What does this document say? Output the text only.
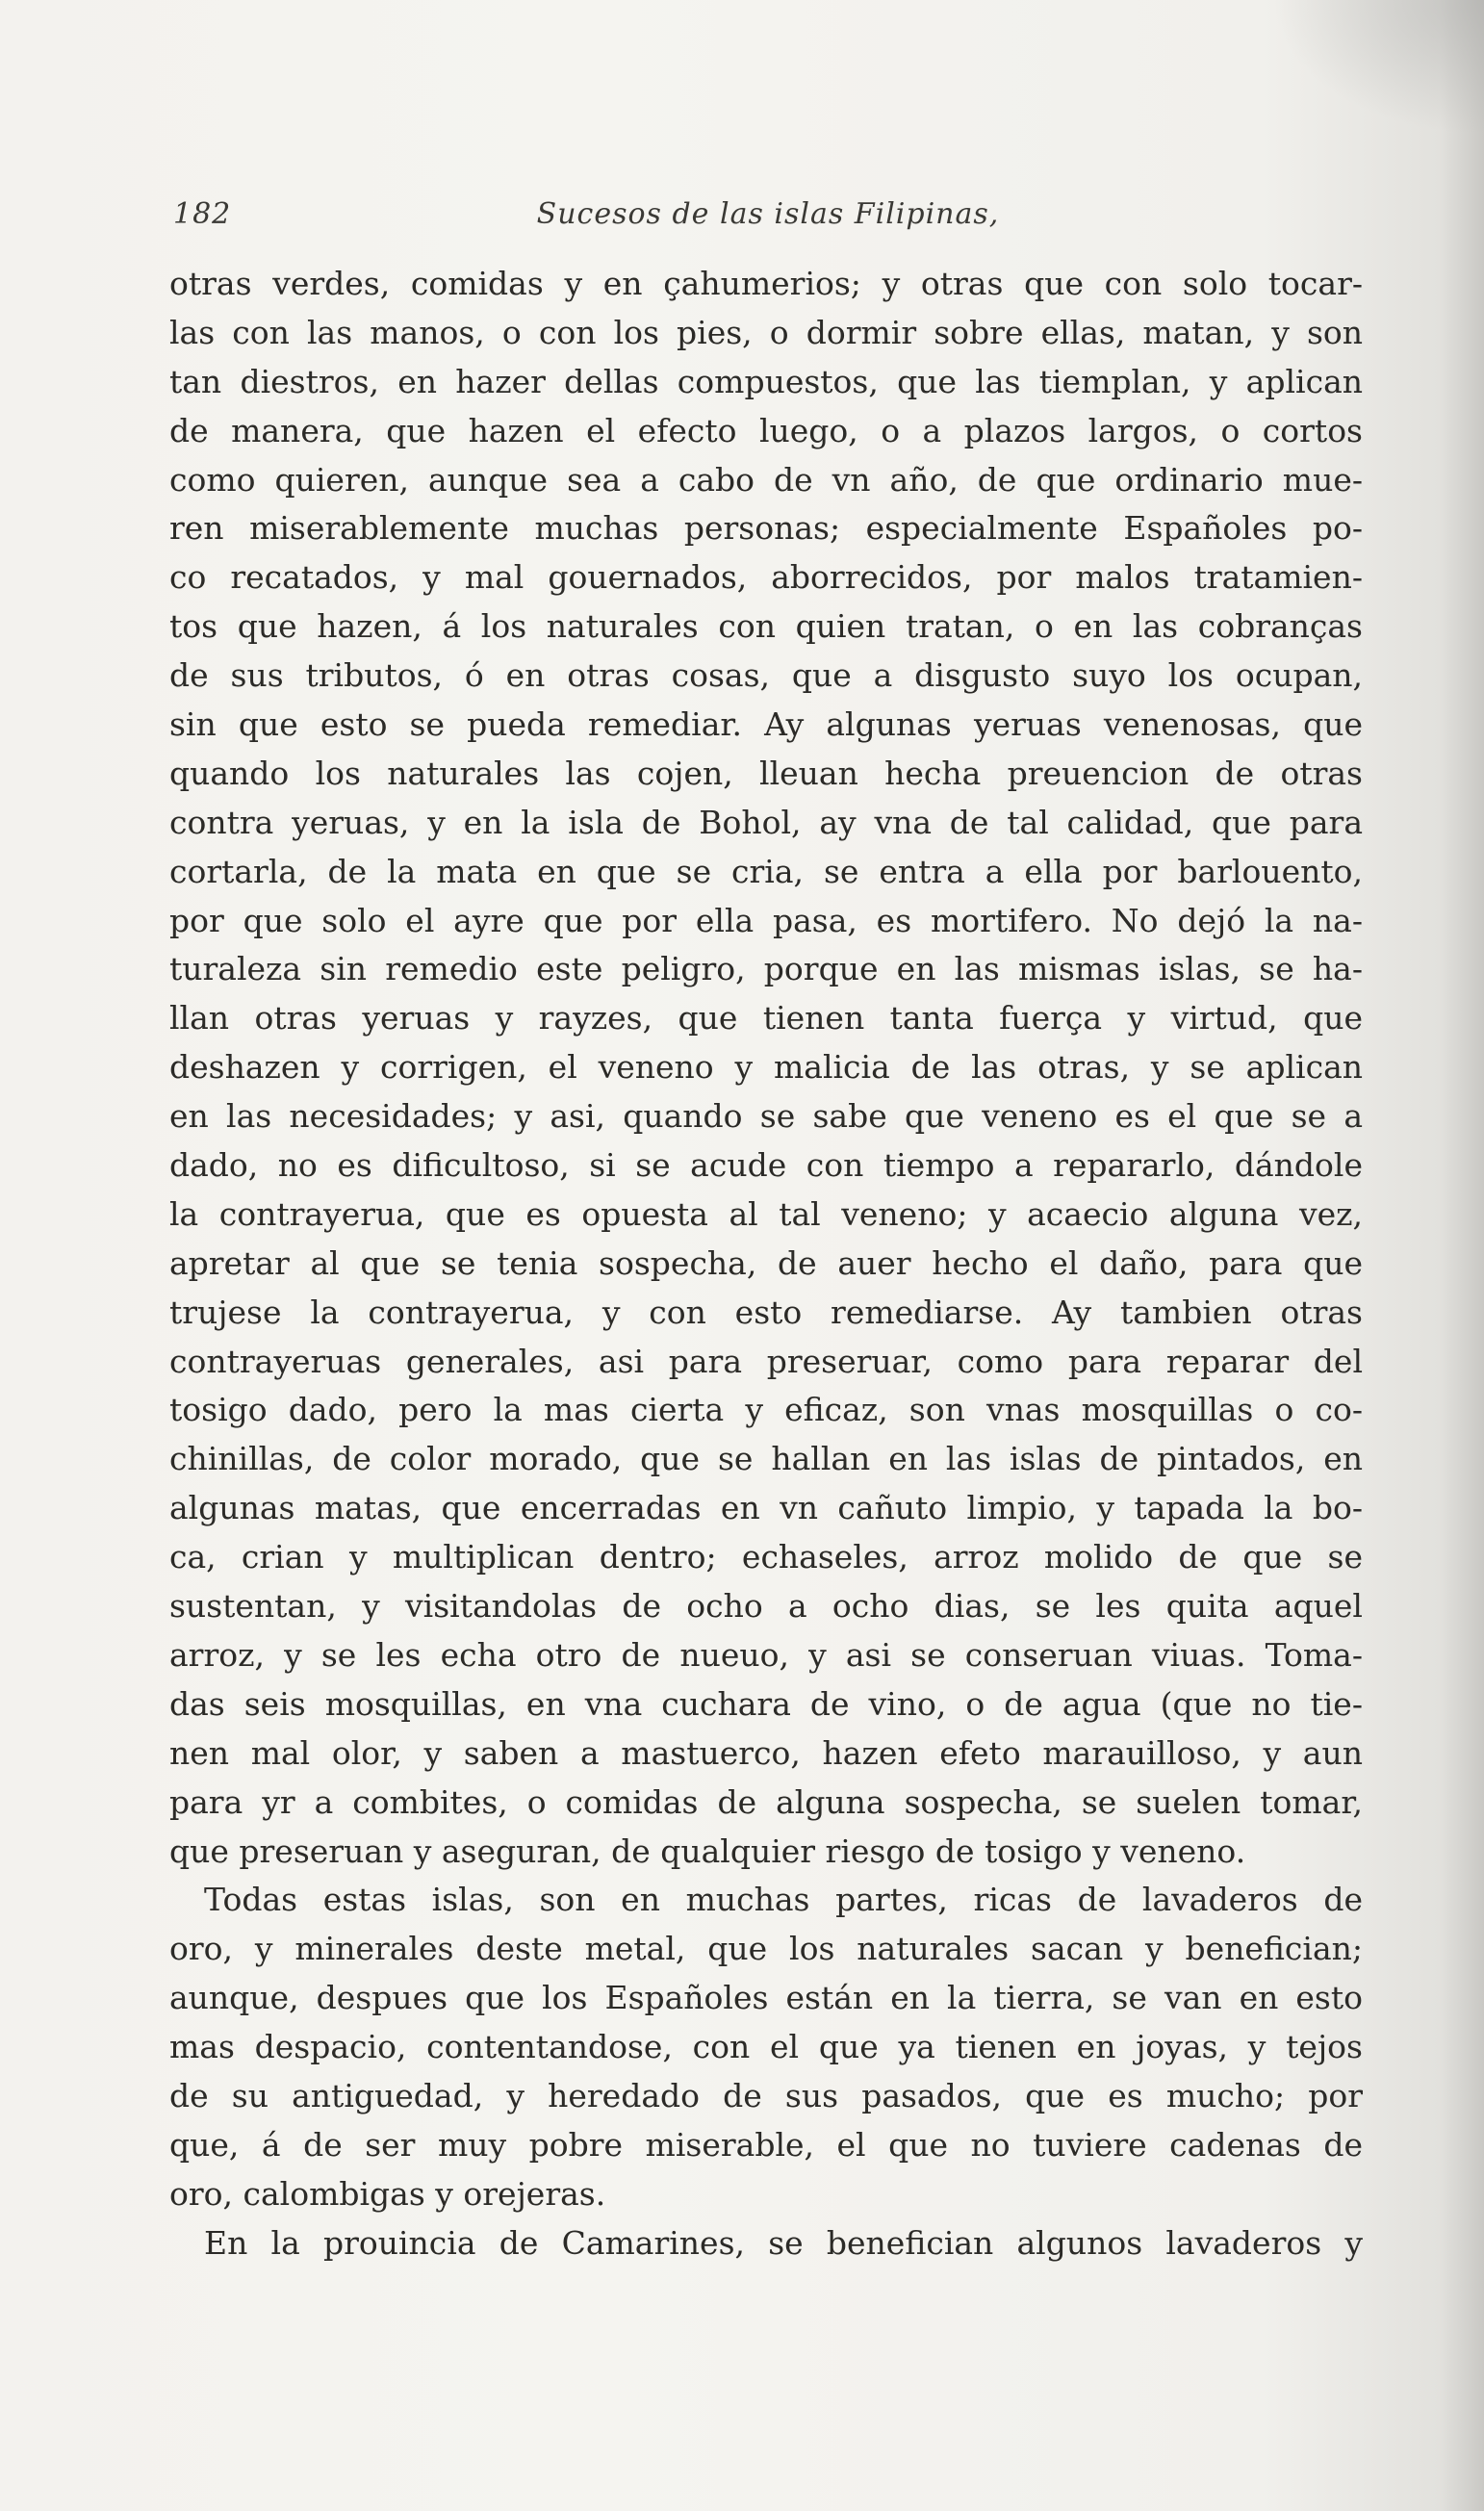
182	Sucesos de las islas Filipinas,
otras verdes, comidas y en çahumerios; y otras que con solo tocar-
las con las manos, o con los pies, o dormir sobre ellas, matan, y son
tan diestros, en hazer dellas compuestos, que las tiemplan, y aplican
de manera, que hazen el efecto luego, o a plazos largos, o cortos
como quieren, aunque sea a cabo de vn año, de que ordinario mue-
ren miserablemente muchas personas; especialmente Españoles po-
co recatados, y mal gouernados, aborrecidos, por malos tratamien-
tos que hazen, á los naturales con quien tratan, o en las cobranças
de sus tributos, ó en otras cosas, que a disgusto suyo los ocupan,
sin que esto se pueda remediar. Ay algunas yeruas venenosas, que
quando los naturales las cojen, lleuan hecha preuencion de otras
contra yeruas, y en la isla de Bohol, ay vna de tal calidad, que para
cortarla, de la mata en que se cria, se entra a ella por barlouento,
por que solo el ayre que por ella pasa, es mortifero. No dejó la na-
turaleza sin remedio este peligro, porque en las mismas islas, se ha-
llan otras yeruas y rayzes, que tienen tanta fuerça y virtud, que
deshazen y corrigen, el veneno y malicia de las otras, y se aplican
en las necesidades; y asi, quando se sabe que veneno es el que se a
dado, no es dificultoso, si se acude con tiempo a repararlo, dándole
la contrayerua, que es opuesta al tal veneno; y acaecio alguna vez,
apretar al que se tenia sospecha, de auer hecho el daño, para que
trujese la contrayerua, y con esto remediarse. Ay tambien otras
contrayeruas generales, asi para preseruar, como para reparar del
tosigo dado, pero la mas cierta y eficaz, son vnas mosquillas o co-
chinillas, de color morado, que se hallan en las islas de pintados, en
algunas matas, que encerradas en vn cañuto limpio, y tapada la bo-
ca, crian y multiplican dentro; echaseles, arroz molido de que se
sustentan, y visitandolas de ocho a ocho dias, se les quita aquel
arroz, y se les echa otro de nueuo, y asi se conseruan viuas. Toma-
das seis mosquillas, en vna cuchara de vino, o de agua (que no tie-
nen mal olor, y saben a mastuerco, hazen efeto marauilloso, y aun
para yr a combites, o comidas de alguna sospecha, se suelen tomar,
que preseruan y aseguran, de qualquier riesgo de tosigo y veneno.
Todas estas islas, son en muchas partes, ricas de lavaderos de
oro, y minerales deste metal, que los naturales sacan y benefician;
aunque, despues que los Españoles están en la tierra, se van en esto
mas despacio, contentandose, con el que ya tienen en joyas, y tejos
de su antiguedad, y heredado de sus pasados, que es mucho; por
que, á de ser muy pobre miserable, el que no tuviere cadenas de
oro, calombigas y orejeras.
En la prouincia de Camarines, se benefician algunos lavaderos y
